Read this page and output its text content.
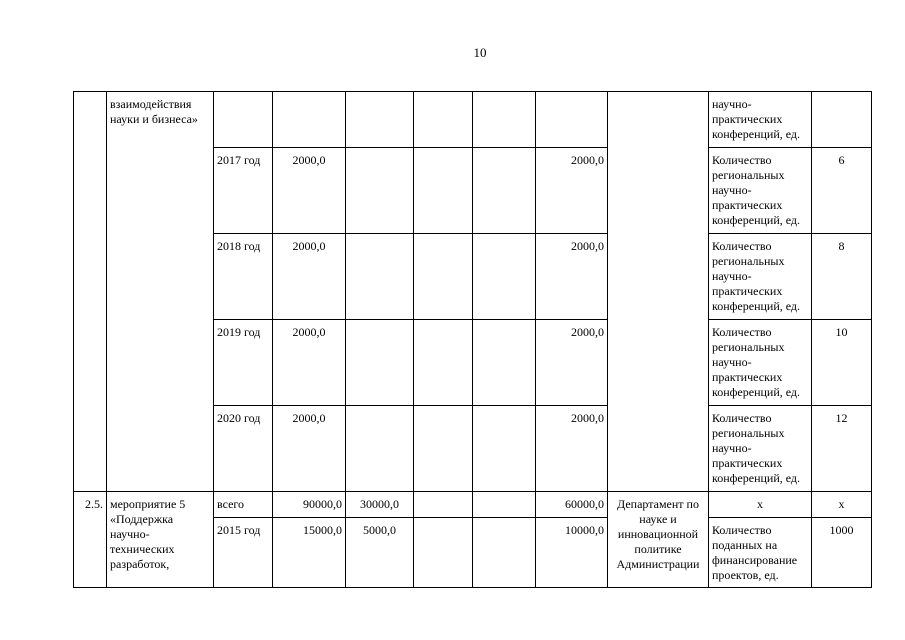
10
	взаимодействия науки и бизнеса»								научно-практических конференций, ед.	
		2017 год	2000,0				2000,0		Количество региональных научно-практических конференций, ед.	6
		2018 год	2000,0				2000,0		Количество региональных научно-практических конференций, ед.	8
		2019 год	2000,0				2000,0		Количество региональных научно-практических конференций, ед.	10
		2020 год	2000,0				2000,0		Количество региональных научно-практических конференций, ед.	12
2.5.	мероприятие 5 «Поддержка научно-технических разработок,	всего	90000,0	30000,0			60000,0	Департамент по науке и инновационной политике Администрации	х	х
		2015 год	15000,0	5000,0			10000,0		Количество поданных на финансирование проектов, ед.	1000
